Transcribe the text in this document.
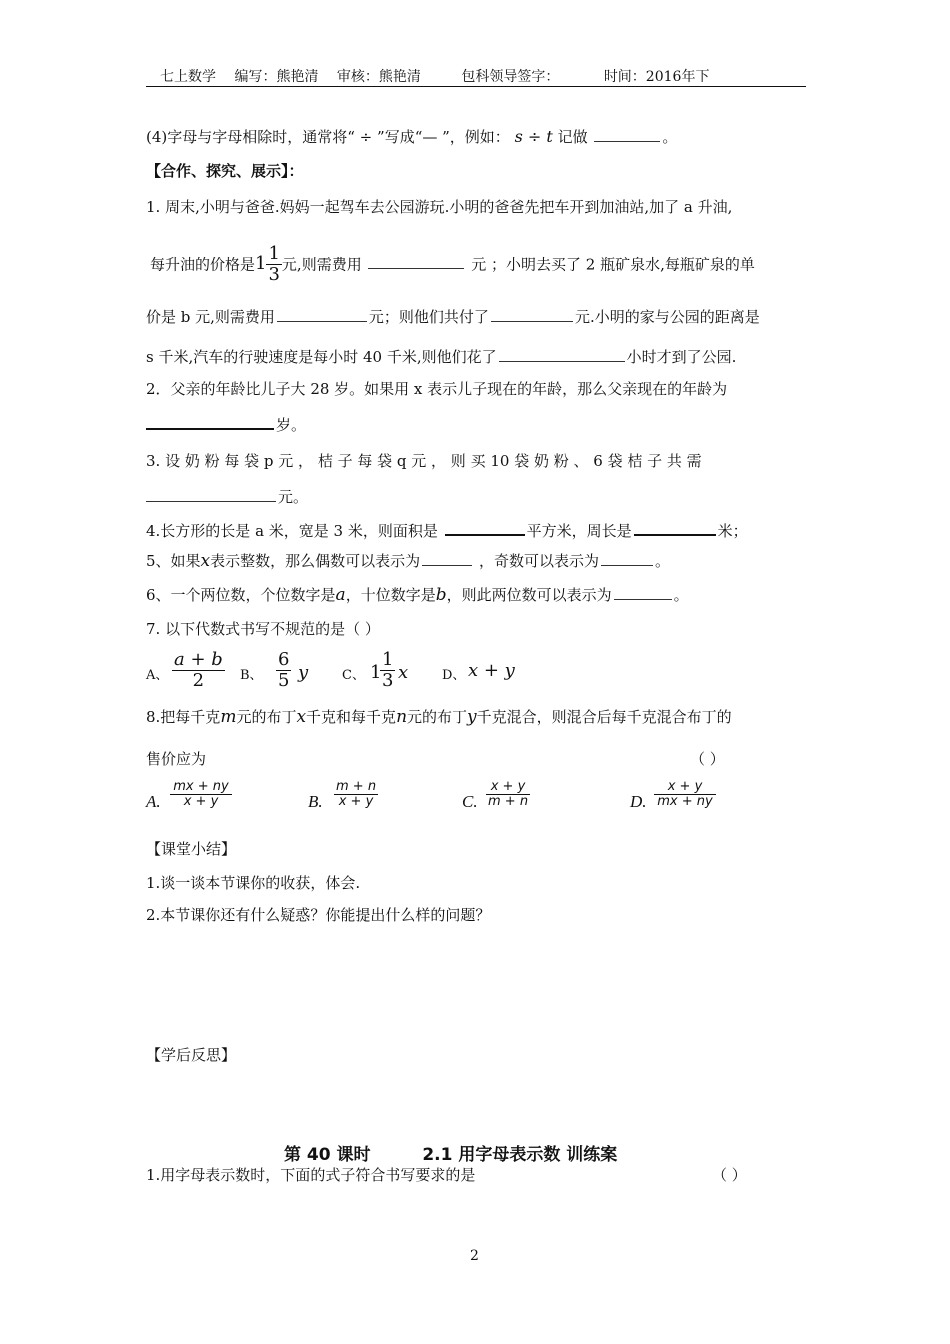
七上数学 编写：熊艳清 审核：熊艳清	包科领导签字：	时间：2016年下
(4)字母与字母相除时，通常将“ ÷ ”写成“— ”，例如： s ÷ t 记做	。
【合作、探究、展示】：
1. 周末,小明与爸爸.妈妈一起驾车去公园游玩.小明的爸爸先把车开到加油站,加了 a 升油,
每升油的价格是$1 \frac{1}{3}$ 元,则需费用	元 ；小明去买了 2 瓶矿泉水,每瓶矿泉的单
价是 b 元,则需费用	元；则他们共付了	元.小明的家与公园的距离是
s 千米,汽车的行驶速度是每小时 40 千米,则他们花了	小时才到了公园.
2．父亲的年龄比儿子大 28 岁。如果用 x 表示儿子现在的年龄，那么父亲现在的年龄为
岁。
3. 设 奶 粉 每 袋 p 元 ， 桔 子 每 袋 q 元 ， 则 买 10 袋 奶 粉 、 6 袋 桔 子 共 需
元。
4.长方形的长是 a 米，宽是 3 米，则面积是	平方米，周长是	米；
5、如果x表示整数，那么偶数可以表示为	，奇数可以表示为	。
6、一个两位数，个位数字是a，十位数字是b，则此两位数可以表示为	。
7. 以下代数式书写不规范的是（ ）
A、 $\frac{a + b}{2}$ B、 $\frac{6}{5}$ y	C、 1
$\frac{1}{3}$ x	D、 x + y
8.把每千克m元的布丁x千克和每千克n元的布丁y千克混合，则混合后每千克混合布丁的
售价应为	（ ）
A. $\frac{mx + ny}{x + y}$	B. $\frac{m + n}{x + y}$	C. $\frac{x + y}{m + n}$	D. $\frac{x + y}{mx + ny}$
【课堂小结】
1.谈一谈本节课你的收获，体会.
2.本节课你还有什么疑惑？你能提出什么样的问题？
【学后反思】
第 40 课时	2.1 用字母表示数 训练案
1.用字母表示数时，下面的式子符合书写要求的是	（ ）
2
